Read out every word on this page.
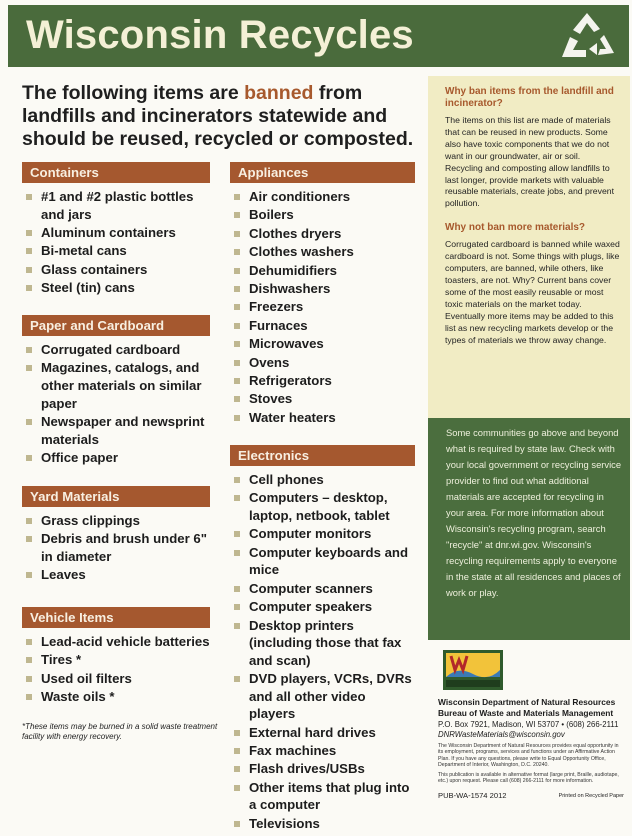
Wisconsin Recycles
The following items are banned from landfills and incinerators statewide and should be reused, recycled or composted.
Containers
#1 and #2 plastic bottles and jars
Aluminum containers
Bi-metal cans
Glass containers
Steel (tin) cans
Paper and Cardboard
Corrugated cardboard
Magazines, catalogs, and other materials on similar paper
Newspaper and newsprint materials
Office paper
Yard Materials
Grass clippings
Debris and brush under 6" in diameter
Leaves
Vehicle Items
Lead-acid vehicle batteries
Tires *
Used oil filters
Waste oils *
*These items may be burned in a solid waste treatment facility with energy recovery.
Appliances
Air conditioners
Boilers
Clothes dryers
Clothes washers
Dehumidifiers
Dishwashers
Freezers
Furnaces
Microwaves
Ovens
Refrigerators
Stoves
Water heaters
Electronics
Cell phones
Computers – desktop, laptop, netbook, tablet
Computer monitors
Computer keyboards and mice
Computer scanners
Computer speakers
Desktop printers (including those that fax and scan)
DVD players, VCRs, DVRs and all other video players
External hard drives
Fax machines
Flash drives/USBs
Other items that plug into a computer
Televisions
Why ban items from the landfill and incinerator?
The items on this list are made of materials that can be reused in new products. Some also have toxic components that we do not want in our groundwater, air or soil. Recycling and composting allow landfills to last longer, provide markets with valuable reusable materials, create jobs, and prevent pollution.
Why not ban more materials?
Corrugated cardboard is banned while waxed cardboard is not. Some things with plugs, like computers, are banned, while others, like toasters, are not. Why? Current bans cover some of the most easily reusable or most toxic materials on the market today. Eventually more items may be added to this list as new recycling markets develop or the types of materials we throw away change.
Some communities go above and beyond what is required by state law. Check with your local government or recycling service provider to find out what additional materials are accepted for recycling in your area. For more information about Wisconsin's recycling program, search "recycle" at dnr.wi.gov. Wisconsin's recycling requirements apply to everyone in the state at all residences and places of work or play.
Wisconsin Department of Natural Resources
Bureau of Waste and Materials Management
P.O. Box 7921, Madison, WI 53707 • (608) 266-2111
DNRWasteMaterials@wisconsin.gov
The Wisconsin Department of Natural Resources provides equal opportunity in its employment, programs, services and functions under an Affirmative Action Plan. If you have any questions, please write to Equal Opportunity Office, Department of Interior, Washington, D.C. 20240.
This publication is available in alternative format (large print, Braille, audiotape, etc.) upon request. Please call (608) 266-2111 for more information.
PUB-WA-1574 2012	Printed on Recycled Paper
